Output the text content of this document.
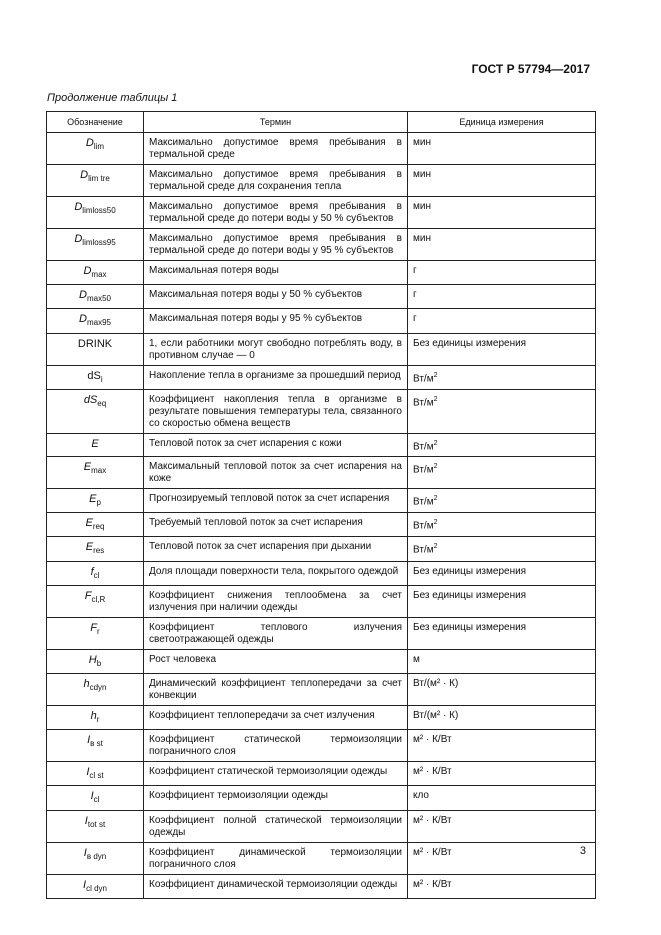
ГОСТ Р 57794—2017
Продолжение таблицы 1
Обозначение	Термин	Единица измерения
$D_{lim}$	Максимально допустимое время пребывания в термальной среде	мин
$D_{lim tre}$	Максимально допустимое время пребывания в термальной среде для сохранения тепла	мин
$D_{limloss50}$	Максимально допустимое время пребывания в термальной среде до потери воды у 50 % субъектов	мин
$D_{limloss95}$	Максимально допустимое время пребывания в термальной среде до потери воды у 95 % субъектов	мин
$D_{max}$	Максимальная потеря воды	г
$D_{max50}$	Максимальная потеря воды у 50 % субъектов	г
$D_{max95}$	Максимальная потеря воды у 95 % субъектов	г
DRINK	1, если работники могут свободно потреблять воду, в противном случае — 0	Без единицы измерения
$dS_i$	Накопление тепла в организме за прошедший период	$Вт/м^2$
$dS_{eq}$	Коэффициент накопления тепла в организме в результате повышения температуры тела, связанного со скоростью обмена веществ	$Вт/м^2$
E	Тепловой поток за счет испарения с кожи	$Вт/м^2$
$E_{max}$	Максимальный тепловой поток за счет испарения на коже	$Вт/м^2$
$E_p$	Прогнозируемый тепловой поток за счет испарения	$Вт/м^2$
$E_{req}$	Требуемый тепловой поток за счет испарения	$Вт/м^2$
$E_{res}$	Тепловой поток за счет испарения при дыхании	$Вт/м^2$
$f_{cl}$	Доля площади поверхности тела, покрытого одеждой	Без единицы измерения
$F_{cl,R}$	Коэффициент снижения теплообмена за счет излучения при наличии одежды	Без единицы измерения
$F_r$	Коэффициент теплового излучения светоотражающей одежды	Без единицы измерения
$H_b$	Рост человека	м
$h_{cdyn}$	Динамический коэффициент теплопередачи за счет конвекции	Вт/(м² · К)
$h_r$	Коэффициент теплопередачи за счет излучения	Вт/(м² · К)
$I_{в st}$	Коэффициент статической термоизоляции пограничного слоя	м² · К/Вт
$I_{cl st}$	Коэффициент статической термоизоляции одежды	м² · К/Вт
$I_{cl}$	Коэффициент термоизоляции одежды	кло
$I_{tot st}$	Коэффициент полной статической термоизоляции одежды	м² · К/Вт
$I_{в dyn}$	Коэффициент динамической термоизоляции пограничного слоя	м² · К/Вт
$I_{cl dyn}$	Коэффициент динамической термоизоляции одежды	м² · К/Вт
3
